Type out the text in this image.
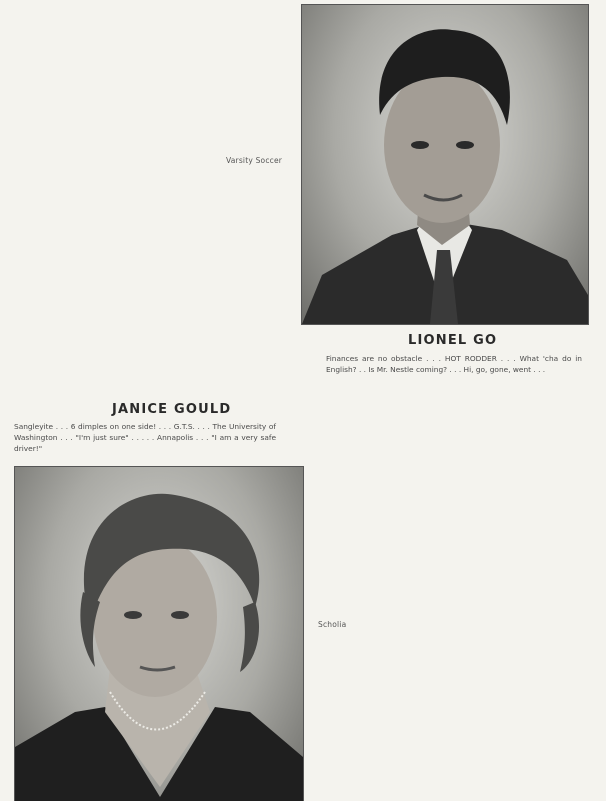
Varsity Soccer
LIONEL GO
Finances are no obstacle . . . HOT RODDER . . . What 'cha do in English? . . Is Mr. Nestle coming? . . . Hi, go, gone, went . . .
JANICE GOULD
Sangleyite . . . 6 dimples on one side! . . . G.T.S. . . . The University of Washington . . . "I'm just sure" . . . . . Annapolis . . . "I am a very safe driver!"
Scholia
